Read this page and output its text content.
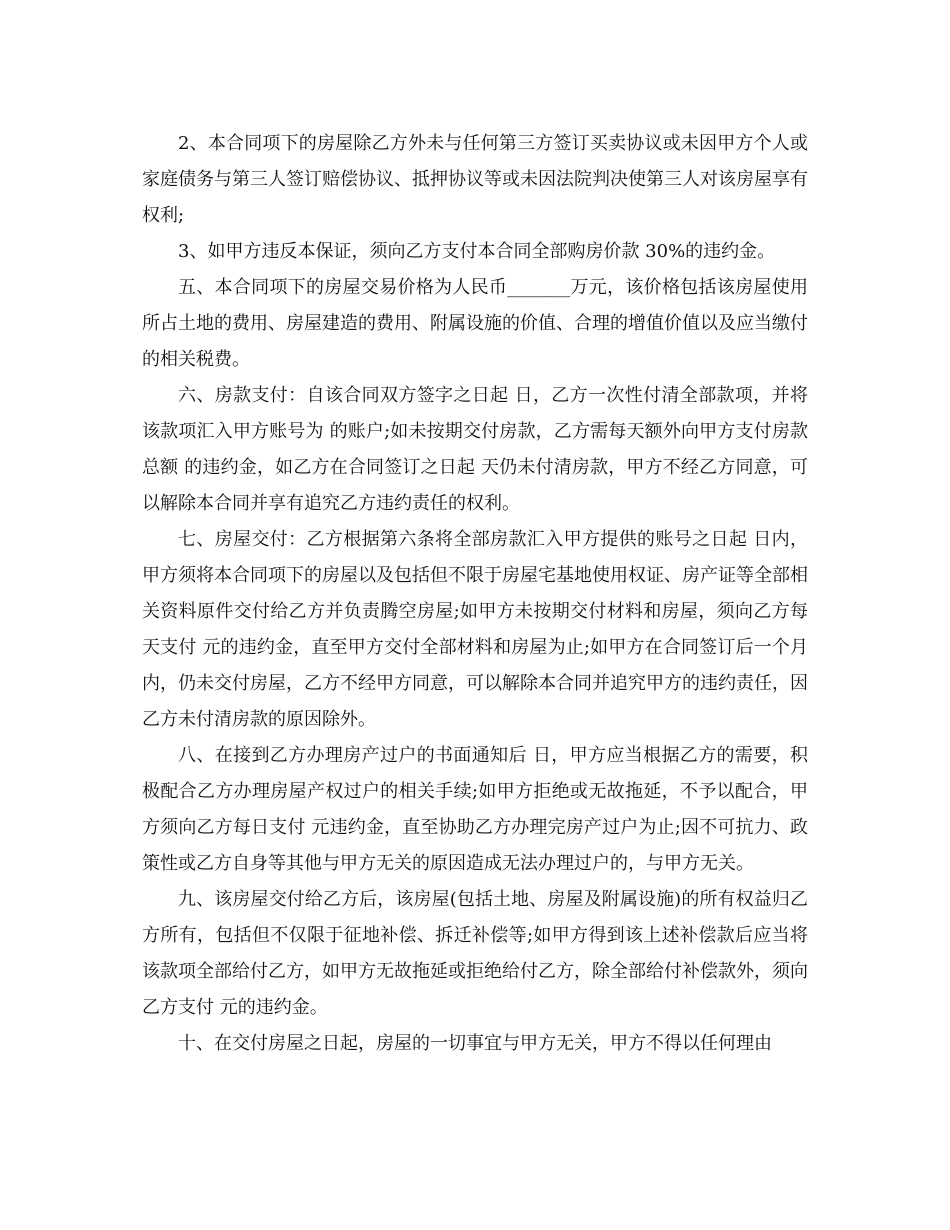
2、本合同项下的房屋除乙方外未与任何第三方签订买卖协议或未因甲方个人或家庭债务与第三人签订赔偿协议、抵押协议等或未因法院判决使第三人对该房屋享有权利;

3、如甲方违反本保证，须向乙方支付本合同全部购房价款 30%的违约金。

五、本合同项下的房屋交易价格为人民币_______万元，该价格包括该房屋使用所占土地的费用、房屋建造的费用、附属设施的价值、合理的增值价值以及应当缴付的相关税费。

六、房款支付：自该合同双方签字之日起 日，乙方一次性付清全部款项，并将该款项汇入甲方账号为 的账户;如未按期交付房款，乙方需每天额外向甲方支付房款总额 的违约金，如乙方在合同签订之日起 天仍未付清房款，甲方不经乙方同意，可以解除本合同并享有追究乙方违约责任的权利。

七、房屋交付：乙方根据第六条将全部房款汇入甲方提供的账号之日起 日内，甲方须将本合同项下的房屋以及包括但不限于房屋宅基地使用权证、房产证等全部相关资料原件交付给乙方并负责腾空房屋;如甲方未按期交付材料和房屋，须向乙方每天支付 元的违约金，直至甲方交付全部材料和房屋为止;如甲方在合同签订后一个月内，仍未交付房屋，乙方不经甲方同意，可以解除本合同并追究甲方的违约责任，因乙方未付清房款的原因除外。

八、在接到乙方办理房产过户的书面通知后 日，甲方应当根据乙方的需要，积极配合乙方办理房屋产权过户的相关手续;如甲方拒绝或无故拖延，不予以配合，甲方须向乙方每日支付 元违约金，直至协助乙方办理完房产过户为止;因不可抗力、政策性或乙方自身等其他与甲方无关的原因造成无法办理过户的，与甲方无关。

九、该房屋交付给乙方后，该房屋(包括土地、房屋及附属设施)的所有权益归乙方所有，包括但不仅限于征地补偿、拆迁补偿等;如甲方得到该上述补偿款后应当将该款项全部给付乙方，如甲方无故拖延或拒绝给付乙方，除全部给付补偿款外，须向乙方支付 元的违约金。

十、在交付房屋之日起，房屋的一切事宜与甲方无关，甲方不得以任何理由
